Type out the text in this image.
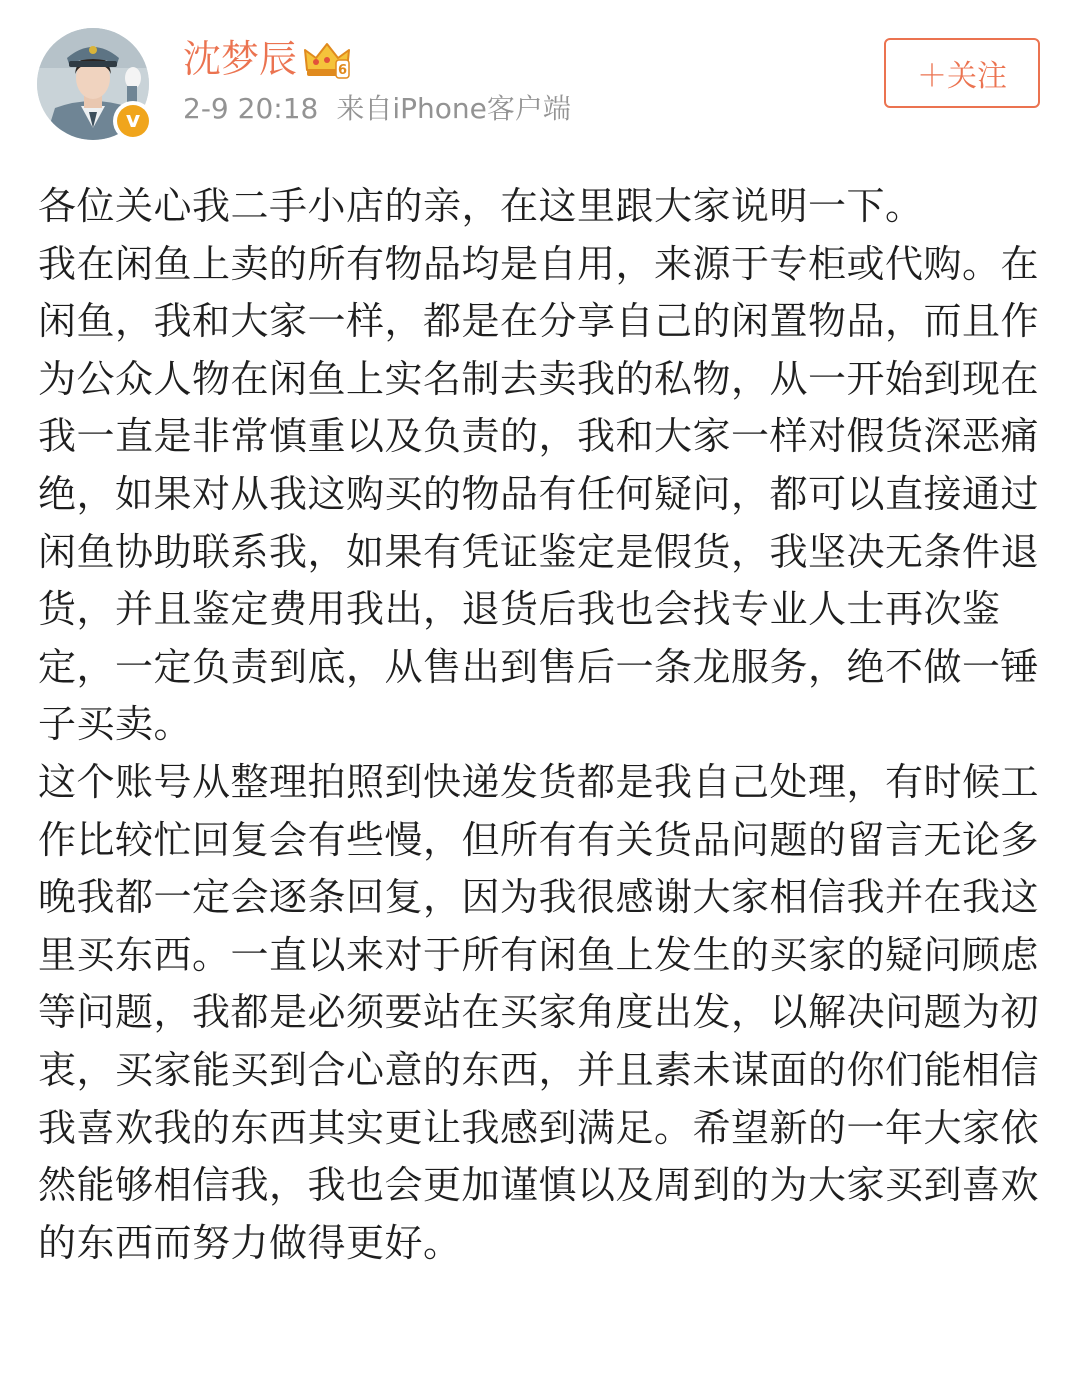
v
沈梦辰	6
2-9 20:18 来自iPhone客户端
＋关注

各位关心我二手小店的亲，在这里跟大家说明一下。

我在闲鱼上卖的所有物品均是自用，来源于专柜或代购。在闲鱼，我和大家一样，都是在分享自己的闲置物品，而且作为公众人物在闲鱼上实名制去卖我的私物，从一开始到现在我一直是非常慎重以及负责的，我和大家一样对假货深恶痛绝，如果对从我这购买的物品有任何疑问，都可以直接通过闲鱼协助联系我，如果有凭证鉴定是假货，我坚决无条件退货，并且鉴定费用我出，退货后我也会找专业人士再次鉴定，一定负责到底，从售出到售后一条龙服务，绝不做一锤子买卖。

这个账号从整理拍照到快递发货都是我自己处理，有时候工作比较忙回复会有些慢，但所有有关货品问题的留言无论多晚我都一定会逐条回复，因为我很感谢大家相信我并在我这里买东西。一直以来对于所有闲鱼上发生的买家的疑问顾虑等问题，我都是必须要站在买家角度出发，以解决问题为初衷，买家能买到合心意的东西，并且素未谋面的你们能相信我喜欢我的东西其实更让我感到满足。希望新的一年大家依然能够相信我，我也会更加谨慎以及周到的为大家买到喜欢的东西而努力做得更好。
